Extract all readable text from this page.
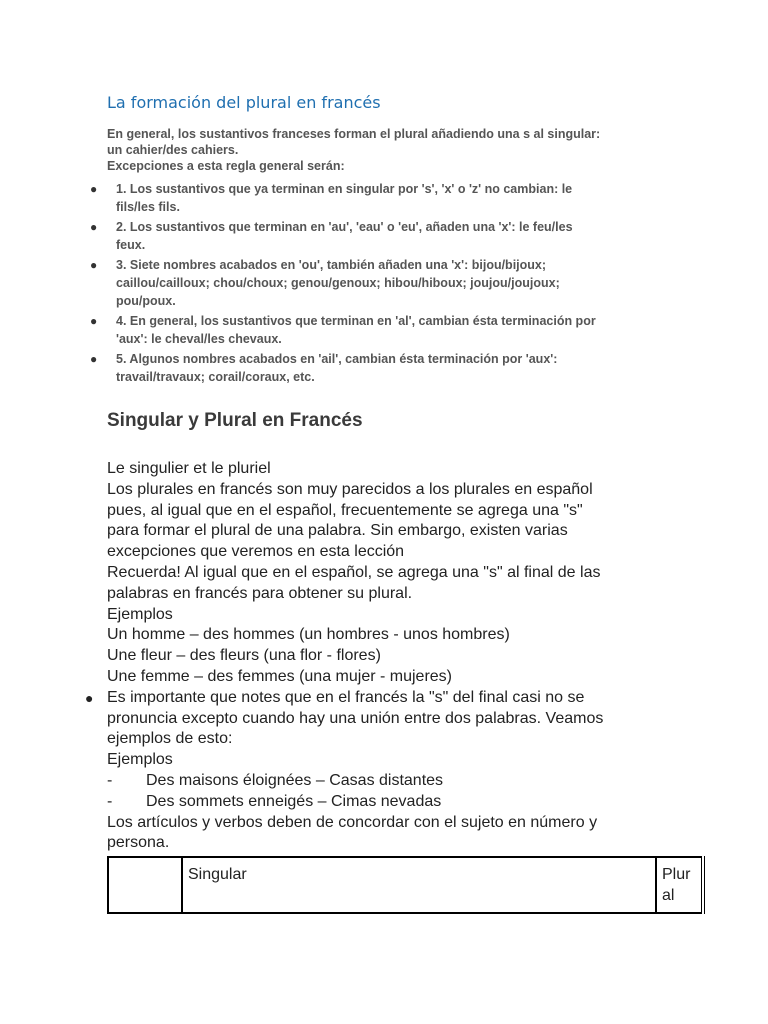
La formación del plural en francés
En general, los sustantivos franceses forman el plural añadiendo una s al singular:
un cahier/des cahiers.
Excepciones a esta regla general serán:
● 1. Los sustantivos que ya terminan en singular por 's', 'x' o 'z' no cambian: le
fils/les fils.
● 2. Los sustantivos que terminan en 'au', 'eau' o 'eu', añaden una 'x': le feu/les
feux.
● 3. Siete nombres acabados en 'ou', también añaden una 'x': bijou/bijoux;
caillou/cailloux; chou/choux; genou/genoux; hibou/hiboux; joujou/joujoux;
pou/poux.
● 4. En general, los sustantivos que terminan en 'al', cambian ésta terminación por
'aux': le cheval/les chevaux.
● 5. Algunos nombres acabados en 'ail', cambian ésta terminación por 'aux':
travail/travaux; corail/coraux, etc.
Singular y Plural en Francés
Le singulier et le pluriel
Los plurales en francés son muy parecidos a los plurales en español
pues, al igual que en el español, frecuentemente se agrega una "s"
para formar el plural de una palabra. Sin embargo, existen varias
excepciones que veremos en esta lección
Recuerda! Al igual que en el español, se agrega una "s" al final de las
palabras en francés para obtener su plural.
Ejemplos
Un homme – des hommes (un hombres - unos hombres)
Une fleur – des fleurs (una flor - flores)
Une femme – des femmes (una mujer - mujeres)
● Es importante que notes que en el francés la "s" del final casi no se
pronuncia excepto cuando hay una unión entre dos palabras. Veamos
ejemplos de esto:
Ejemplos
- Des maisons éloignées – Casas distantes
- Des sommets enneigés – Cimas nevadas
Los artículos y verbos deben de concordar con el sujeto en número y
persona.
	Singular	Plur
al
